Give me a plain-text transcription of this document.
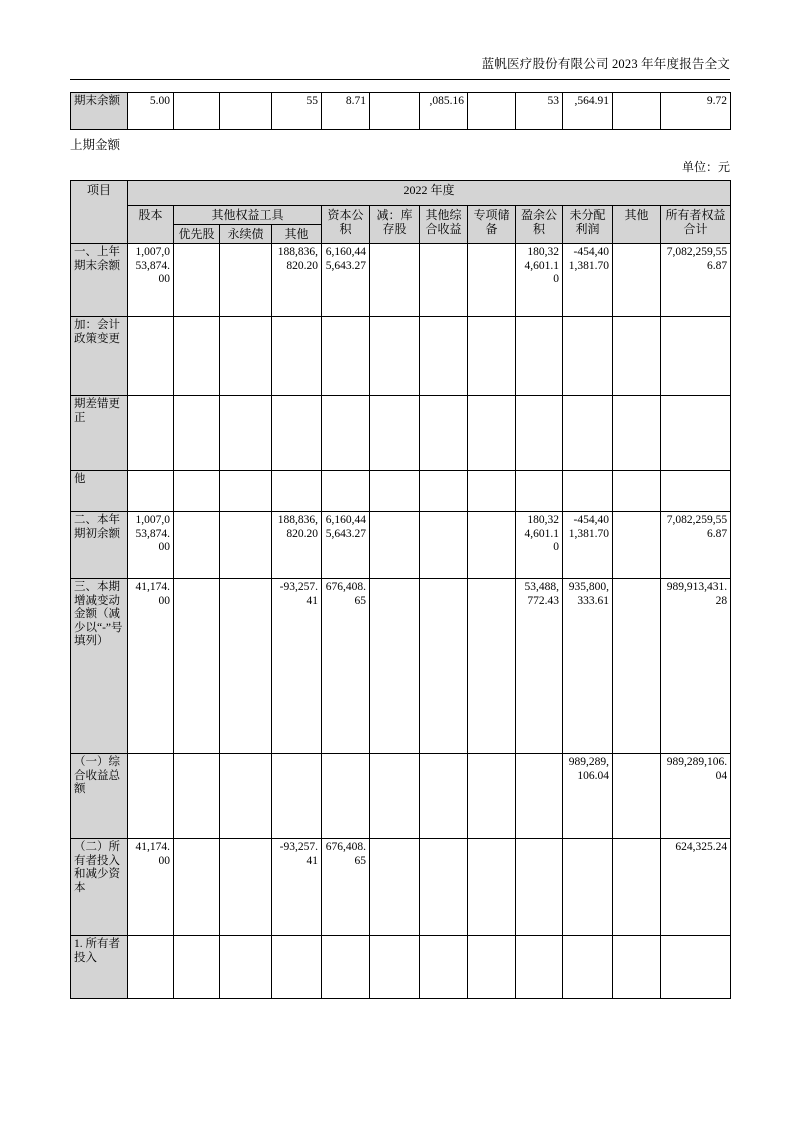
蓝帆医疗股份有限公司 2023 年年度报告全文
期末余额	5.00			55	8.71		,085.16		53	,564.91		9.72
上期金额
单位：元
项目	2022 年度											
	股本	其他权益工具			资本公积	减：库存股	其他综合收益	专项储备	盈余公积	未分配利润	其他	所有者权益合计
		优先股	永续债	其他								
一、上年期末余额	1,007,053,874.00			188,836,820.20	6,160,445,643.27				180,324,601.10	-454,401,381.70		7,082,259,556.87
加：会计政策变更												
期差错更正												
他												
二、本年期初余额	1,007,053,874.00			188,836,820.20	6,160,445,643.27				180,324,601.10	-454,401,381.70		7,082,259,556.87
三、本期增减变动金额（减少以“-”号填列）	41,174.00			-93,257.41	676,408.65				53,488,772.43	935,800,333.61		989,913,431.28
（一）综合收益总额										989,289,106.04		989,289,106.04
（二）所有者投入和减少资本	41,174.00			-93,257.41	676,408.65							624,325.24
1. 所有者投入												
